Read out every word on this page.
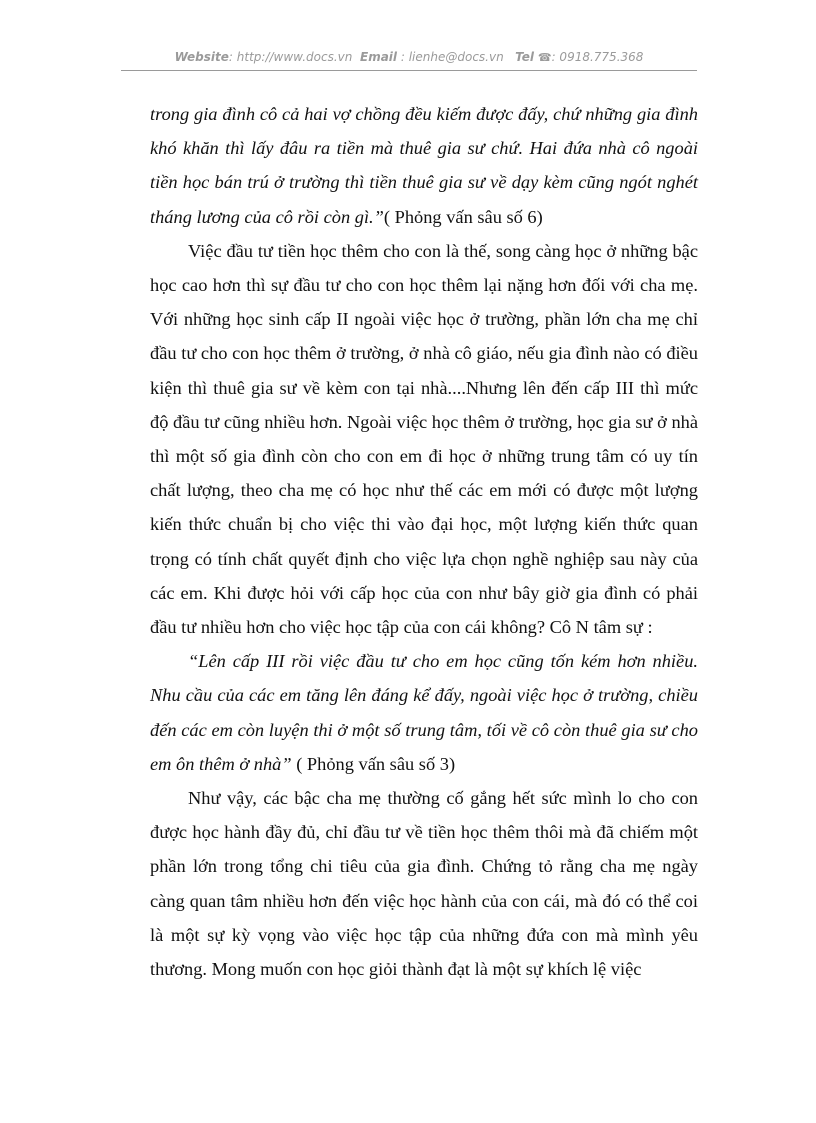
Website: http://www.docs.vn Email : lienhe@docs.vn Tel ☎: 0918.775.368

trong gia đình cô cả hai vợ chồng đều kiếm được đấy, chứ những gia đình khó khăn thì lấy đâu ra tiền mà thuê gia sư chứ. Hai đứa nhà cô ngoài tiền học bán trú ở trường thì tiền thuê gia sư về dạy kèm cũng ngót nghét tháng lương của cô rồi còn gì.”( Phỏng vấn sâu số 6)

Việc đầu tư tiền học thêm cho con là thế, song càng học ở những bậc học cao hơn thì sự đầu tư cho con học thêm lại nặng hơn đối với cha mẹ. Với những học sinh cấp II ngoài việc học ở trường, phần lớn cha mẹ chỉ đầu tư cho con học thêm ở trường, ở nhà cô giáo, nếu gia đình nào có điều kiện thì thuê gia sư về kèm con tại nhà....Nhưng lên đến cấp III thì mức độ đầu tư cũng nhiều hơn. Ngoài việc học thêm ở trường, học gia sư ở nhà thì một số gia đình còn cho con em đi học ở những trung tâm có uy tín chất lượng, theo cha mẹ có học như thế các em mới có được một lượng kiến thức chuẩn bị cho việc thi vào đại học, một lượng kiến thức quan trọng có tính chất quyết định cho việc lựa chọn nghề nghiệp sau này của các em. Khi được hỏi với cấp học của con như bây giờ gia đình có phải đầu tư nhiều hơn cho việc học tập của con cái không? Cô N tâm sự :

“Lên cấp III rồi việc đầu tư cho em học cũng tốn kém hơn nhiều. Nhu cầu của các em tăng lên đáng kể đấy, ngoài việc học ở trường, chiều đến các em còn luyện thi ở một số trung tâm, tối về cô còn thuê gia sư cho em ôn thêm ở nhà” ( Phỏng vấn sâu số 3)

Như vậy, các bậc cha mẹ thường cố gắng hết sức mình lo cho con được học hành đầy đủ, chỉ đầu tư về tiền học thêm thôi mà đã chiếm một phần lớn trong tổng chi tiêu của gia đình. Chứng tỏ rằng cha mẹ ngày càng quan tâm nhiều hơn đến việc học hành của con cái, mà đó có thể coi là một sự kỳ vọng vào việc học tập của những đứa con mà mình yêu thương. Mong muốn con học giỏi thành đạt là một sự khích lệ việc
